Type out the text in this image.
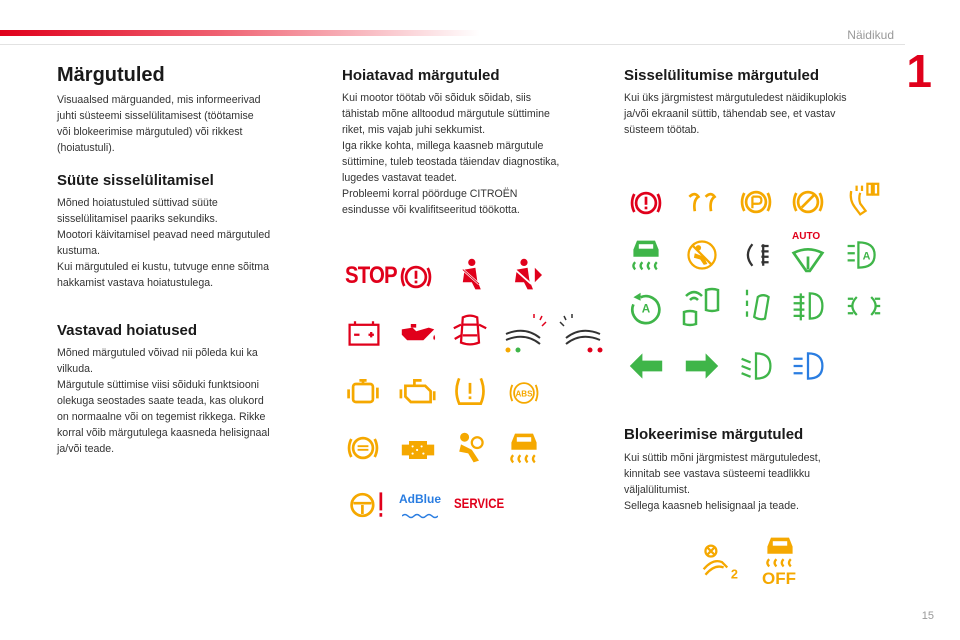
Näidikud
1
15
Märgutuled

Visuaalsed märguanded, mis informeerivad
juhti süsteemi sisselülitamisest (töötamise
või blokeerimise märgutuled) või rikkest
(hoiatustuli).

Süüte sisselülitamisel

Mõned hoiatustuled süttivad süüte
sisselülitamisel paariks sekundiks.
Mootori käivitamisel peavad need märgutuled
kustuma.
Kui märgutuled ei kustu, tutvuge enne sõitma
hakkamist vastava hoiatustulega.

Vastavad hoiatused

Mõned märgutuled võivad nii põleda kui ka
vilkuda.
Märgutule süttimise viisi sõiduki funktsiooni
olekuga seostades saate teada, kas olukord
on normaalne või on tegemist rikkega. Rikke
korral võib märgutulega kaasneda helisignaal
ja/või teade.

Hoiatavad märgutuled

Kui mootor töötab või sõiduk sõidab, siis
tähistab mõne alltoodud märgutule süttimine
riket, mis vajab juhi sekkumist.
Iga rikke kohta, millega kaasneb märgutule
süttimine, tuleb teostada täiendav diagnostika,
lugedes vastavat teadet.
Probleemi korral pöörduge CITROËN
esindusse või kvalifitseeritud töökotta.

Sisselülitumise märgutuled

Kui üks järgmistest märgutuledest näidikuplokis
ja/või ekraanil süttib, tähendab see, et vastav
süsteem töötab.

Blokeerimise märgutuled

Kui süttib mõni järgmistest märgutuledest,
kinnitab see vastava süsteemi teadlikku
väljalülitumist.
Sellega kaasneb helisignaal ja teade.

STOP
ABS
AdBlue SERVICE
AUTO
A
A
2 OFF
